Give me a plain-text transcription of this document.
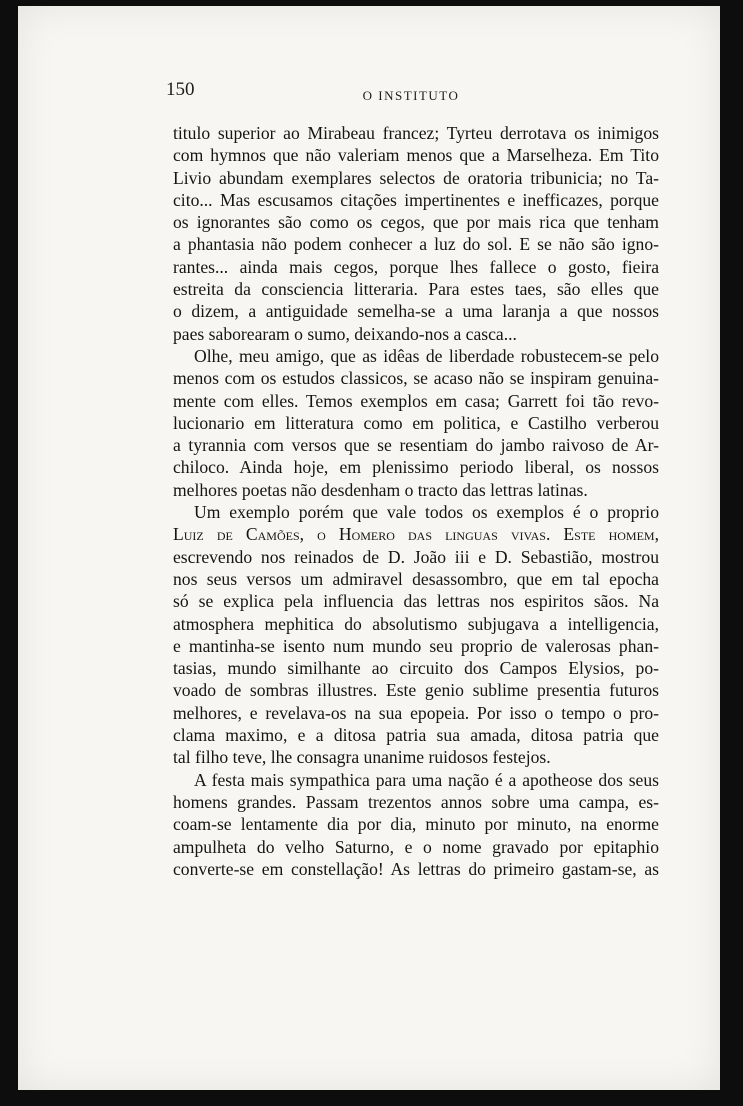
150	O INSTITUTO
titulo superior ao Mirabeau francez; Tyrteu derrotava os inimigos
com hymnos que não valeriam menos que a Marselheza. Em Tito
Livio abundam exemplares selectos de oratoria tribunicia; no Ta-
cito... Mas escusamos citações impertinentes e inefficazes, porque
os ignorantes são como os cegos, que por mais rica que tenham
a phantasia não podem conhecer a luz do sol. E se não são igno-
rantes... ainda mais cegos, porque lhes fallece o gosto, fieira
estreita da consciencia litteraria. Para estes taes, são elles que
o dizem, a antiguidade semelha-se a uma laranja a que nossos
paes saborearam o sumo, deixando-nos a casca...
Olhe, meu amigo, que as idêas de liberdade robustecem-se pelo
menos com os estudos classicos, se acaso não se inspiram genuina-
mente com elles. Temos exemplos em casa; Garrett foi tão revo-
lucionario em litteratura como em politica, e Castilho verberou
a tyrannia com versos que se resentiam do jambo raivoso de Ar-
chiloco. Ainda hoje, em plenissimo periodo liberal, os nossos
melhores poetas não desdenham o tracto das lettras latinas.
Um exemplo porém que vale todos os exemplos é o proprio
Luiz de Camões, o Homero das linguas vivas. Este homem,
escrevendo nos reinados de D. João iii e D. Sebastião, mostrou
nos seus versos um admiravel desassombro, que em tal epocha
só se explica pela influencia das lettras nos espiritos sãos. Na
atmosphera mephitica do absolutismo subjugava a intelligencia,
e mantinha-se isento num mundo seu proprio de valerosas phan-
tasias, mundo similhante ao circuito dos Campos Elysios, po-
voado de sombras illustres. Este genio sublime presentia futuros
melhores, e revelava-os na sua epopeia. Por isso o tempo o pro-
clama maximo, e a ditosa patria sua amada, ditosa patria que
tal filho teve, lhe consagra unanime ruidosos festejos.
A festa mais sympathica para uma nação é a apotheose dos seus
homens grandes. Passam trezentos annos sobre uma campa, es-
coam-se lentamente dia por dia, minuto por minuto, na enorme
ampulheta do velho Saturno, e o nome gravado por epitaphio
converte-se em constellação! As lettras do primeiro gastam-se, as
